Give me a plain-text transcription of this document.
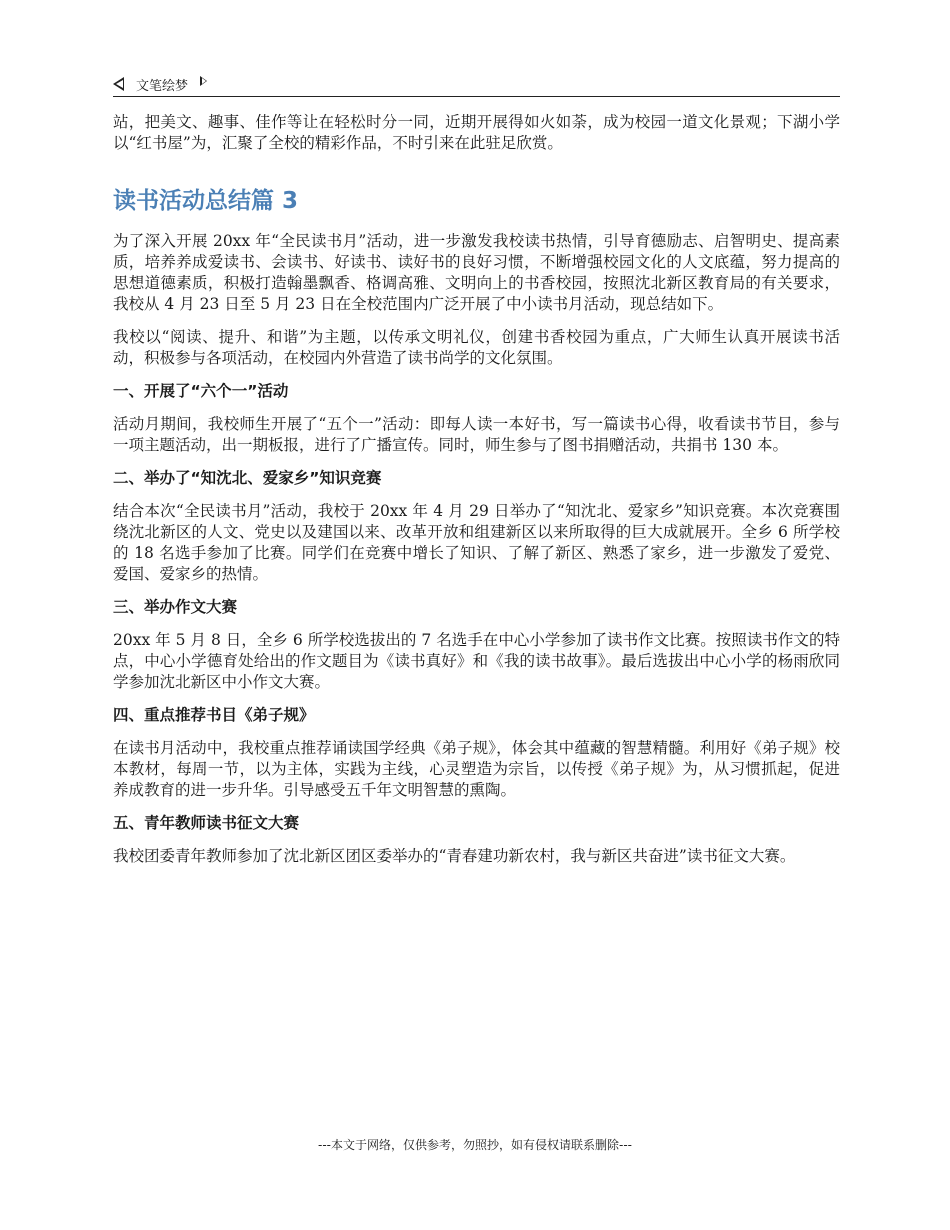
文笔绘梦

站，把美文、趣事、佳作等让在轻松时分一同，近期开展得如火如荼，成为校园一道文化景观；下湖小学以“红书屋”为，汇聚了全校的精彩作品，不时引来在此驻足欣赏。

读书活动总结篇 3

为了深入开展 20xx 年“全民读书月”活动，进一步激发我校读书热情，引导育德励志、启智明史、提高素质，培养养成爱读书、会读书、好读书、读好书的良好习惯，不断增强校园文化的人文底蕴，努力提高的思想道德素质，积极打造翰墨飘香、格调高雅、文明向上的书香校园，按照沈北新区教育局的有关要求，我校从 4 月 23 日至 5 月 23 日在全校范围内广泛开展了中小读书月活动，现总结如下。

我校以“阅读、提升、和谐”为主题，以传承文明礼仪，创建书香校园为重点，广大师生认真开展读书活动，积极参与各项活动，在校园内外营造了读书尚学的文化氛围。

一、开展了“六个一”活动

活动月期间，我校师生开展了“五个一”活动：即每人读一本好书，写一篇读书心得，收看读书节目，参与一项主题活动，出一期板报，进行了广播宣传。同时，师生参与了图书捐赠活动，共捐书 130 本。

二、举办了“知沈北、爱家乡”知识竞赛

结合本次“全民读书月”活动，我校于 20xx 年 4 月 29 日举办了“知沈北、爱家乡”知识竞赛。本次竞赛围绕沈北新区的人文、党史以及建国以来、改革开放和组建新区以来所取得的巨大成就展开。全乡 6 所学校的 18 名选手参加了比赛。同学们在竞赛中增长了知识、了解了新区、熟悉了家乡，进一步激发了爱党、爱国、爱家乡的热情。

三、举办作文大赛

20xx 年 5 月 8 日，全乡 6 所学校选拔出的 7 名选手在中心小学参加了读书作文比赛。按照读书作文的特点，中心小学德育处给出的作文题目为《读书真好》和《我的读书故事》。最后选拔出中心小学的杨雨欣同学参加沈北新区中小作文大赛。

四、重点推荐书目《弟子规》

在读书月活动中，我校重点推荐诵读国学经典《弟子规》，体会其中蕴藏的智慧精髓。利用好《弟子规》校本教材，每周一节，以为主体，实践为主线，心灵塑造为宗旨，以传授《弟子规》为，从习惯抓起，促进养成教育的进一步升华。引导感受五千年文明智慧的熏陶。

五、青年教师读书征文大赛

我校团委青年教师参加了沈北新区团区委举办的“青春建功新农村，我与新区共奋进”读书征文大赛。

---本文于网络，仅供参考，勿照抄，如有侵权请联系删除---
